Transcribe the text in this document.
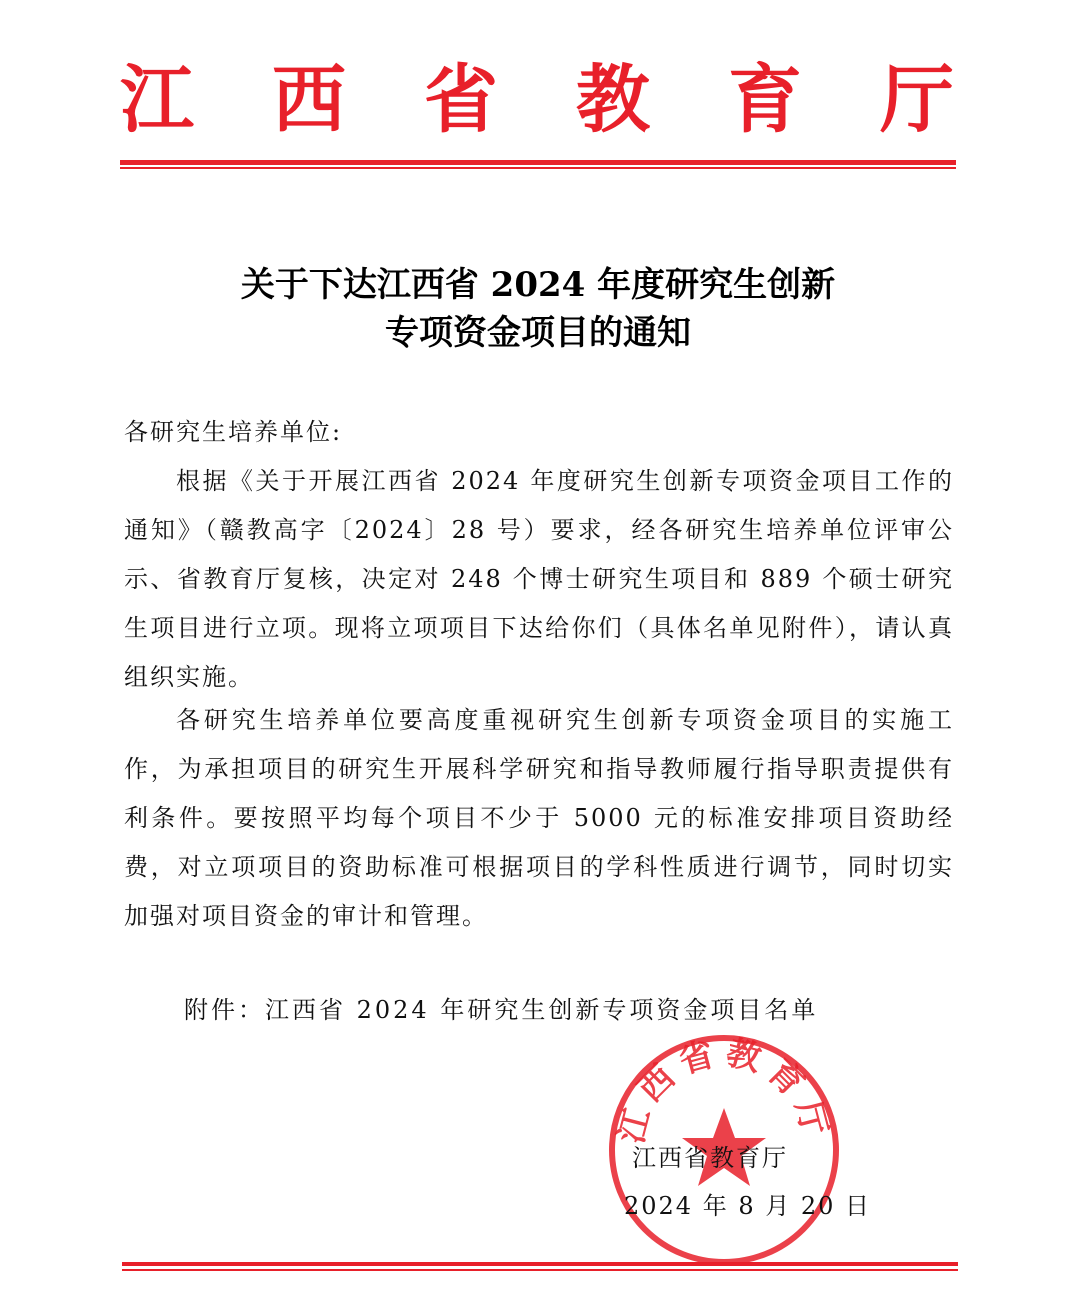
江 西 省 教 育 厅
关于下达江西省 2024 年度研究生创新
专项资金项目的通知

各研究生培养单位:

根据《关于开展江西省 2024 年度研究生创新专项资金项目工作的通知》（赣教高字〔2024〕28 号）要求，经各研究生培养单位评审公示、省教育厅复核，决定对 248 个博士研究生项目和 889 个硕士研究生项目进行立项。现将立项项目下达给你们（具体名单见附件），请认真组织实施。

各研究生培养单位要高度重视研究生创新专项资金项目的实施工作，为承担项目的研究生开展科学研究和指导教师履行指导职责提供有利条件。要按照平均每个项目不少于 5000 元的标准安排项目资助经费，对立项项目的资助标准可根据项目的学科性质进行调节，同时切实加强对项目资金的审计和管理。

附件：江西省 2024 年研究生创新专项资金项目名单
江西省教育厅
江西省教育厅
2024 年 8 月 20 日
